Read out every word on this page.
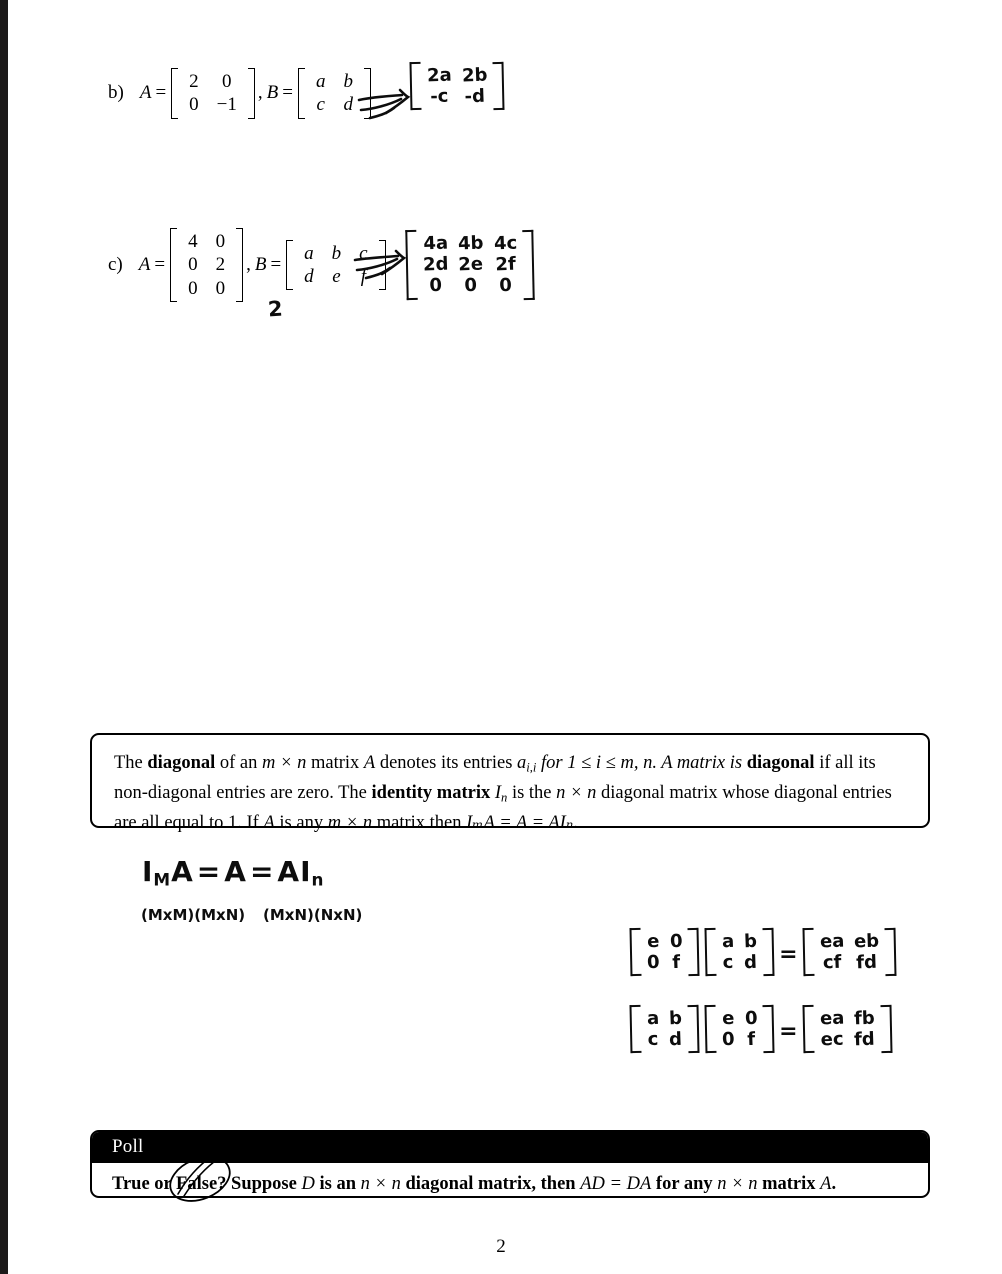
b) A =
2	0
0	−1
, B =
a	b
c	d
2a	2b
-c	-d
c) A =
4	0
0	2
0	0
, B =
a	b	c
d	e	f
2
4a	4b	4c
2d	2e	2f
0	0	0
The diagonal of an m × n matrix A denotes its entries $a_{i,i}$ for 1 ≤ i ≤ m, n. A matrix is diagonal if all its non-diagonal entries are zero. The identity matrix $I_n$ is the n × n diagonal matrix whose diagonal entries are all equal to 1. If A is any m × n matrix then IₘA = A = AIₙ.
$I_MA = A = AI_n$
(MxM)(MxN) (MxN)(NxN)
e	0
0	f
a	b
c	d =
ea	eb
cf	fd
a	b
c	d
e	0
0	f =
ea	fb
ec	fd
Poll
True or False? Suppose D is an n × n diagonal matrix, then AD = DA for any n × n matrix A.
2
